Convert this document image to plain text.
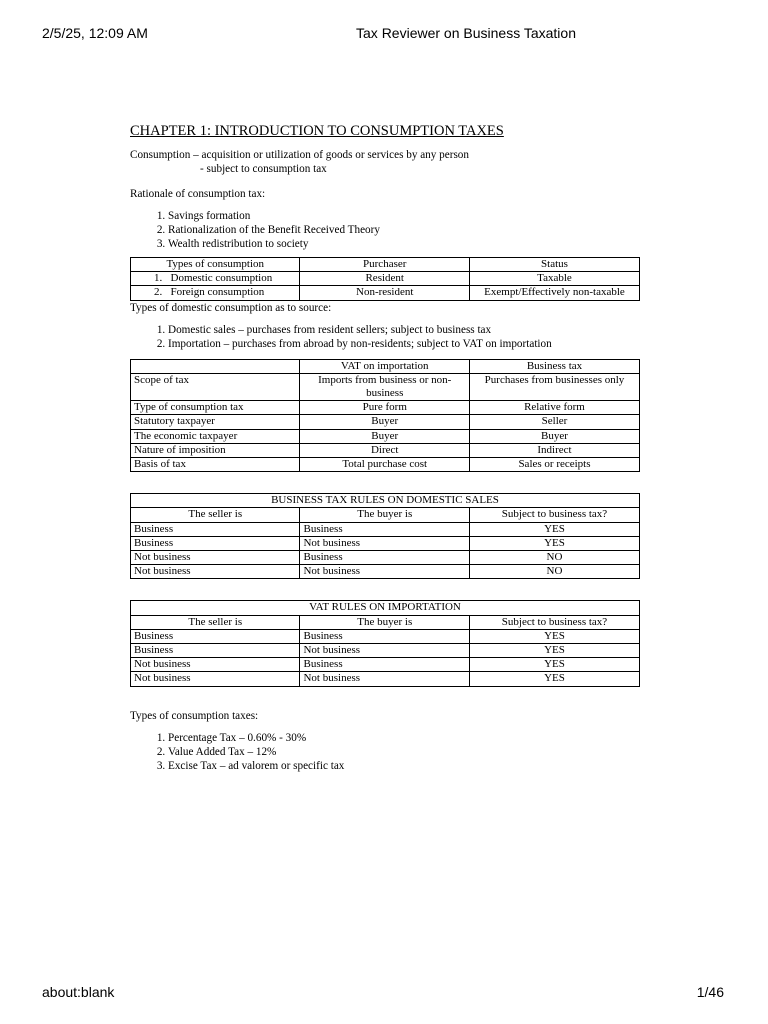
2/5/25, 12:09 AM	Tax Reviewer on Business Taxation
CHAPTER 1: INTRODUCTION TO CONSUMPTION TAXES

Consumption – acquisition or utilization of goods or services by any person

- subject to consumption tax

Rationale of consumption tax:

1. Savings formation
2. Rationalization of the Benefit Received Theory
3. Wealth redistribution to society
Types of consumption	Purchaser	Status
1. Domestic consumption	Resident	Taxable
2. Foreign consumption	Non-resident	Exempt/Effectively non-taxable

Types of domestic consumption as to source:

1. Domestic sales – purchases from resident sellers; subject to business tax
2. Importation – purchases from abroad by non-residents; subject to VAT on importation
	VAT on importation	Business tax
Scope of tax	Imports from business or non-business	Purchases from businesses only
Type of consumption tax	Pure form	Relative form
Statutory taxpayer	Buyer	Seller
The economic taxpayer	Buyer	Buyer
Nature of imposition	Direct	Indirect
Basis of tax	Total purchase cost	Sales or receipts
BUSINESS TAX RULES ON DOMESTIC SALES		
The seller is	The buyer is	Subject to business tax?
Business	Business	YES
Business	Not business	YES
Not business	Business	NO
Not business	Not business	NO
VAT RULES ON IMPORTATION		
The seller is	The buyer is	Subject to business tax?
Business	Business	YES
Business	Not business	YES
Not business	Business	YES
Not business	Not business	YES

Types of consumption taxes:

1. Percentage Tax – 0.60% - 30%
2. Value Added Tax – 12%
3. Excise Tax – ad valorem or specific tax
about:blank	1/46
